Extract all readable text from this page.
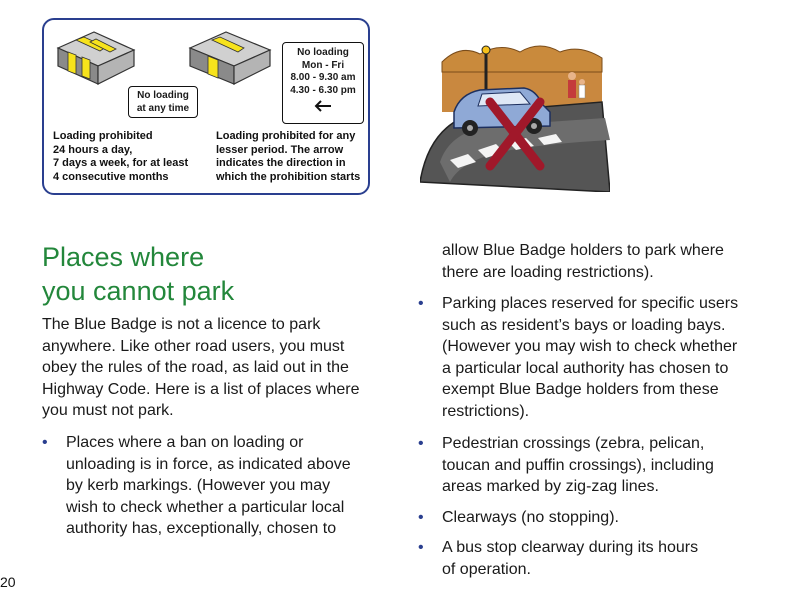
No loading
at any time
No loading
Mon - Fri
8.00 - 9.30 am
4.30 - 6.30 pm
Loading prohibited
24 hours a day,
7 days a week, for at least
4 consecutive months
Loading prohibited for any
lesser period. The arrow
indicates the direction in
which the prohibition starts
Places where
you cannot park

The Blue Badge is not a licence to park
anywhere. Like other road users, you must
obey the rules of the road, as laid out in the
Highway Code. Here is a list of places where
you must not park.

• Places where a ban on loading or
unloading is in force, as indicated above
by kerb markings. (However you may
wish to check whether a particular local
authority has, exceptionally, chosen to
allow Blue Badge holders to park where
there are loading restrictions).
• Parking places reserved for specific users
such as resident’s bays or loading bays.
(However you may wish to check whether
a particular local authority has chosen to
exempt Blue Badge holders from these
restrictions).
• Pedestrian crossings (zebra, pelican,
toucan and puffin crossings), including
areas marked by zig-zag lines.
• Clearways (no stopping).
• A bus stop clearway during its hours
of operation.
20
